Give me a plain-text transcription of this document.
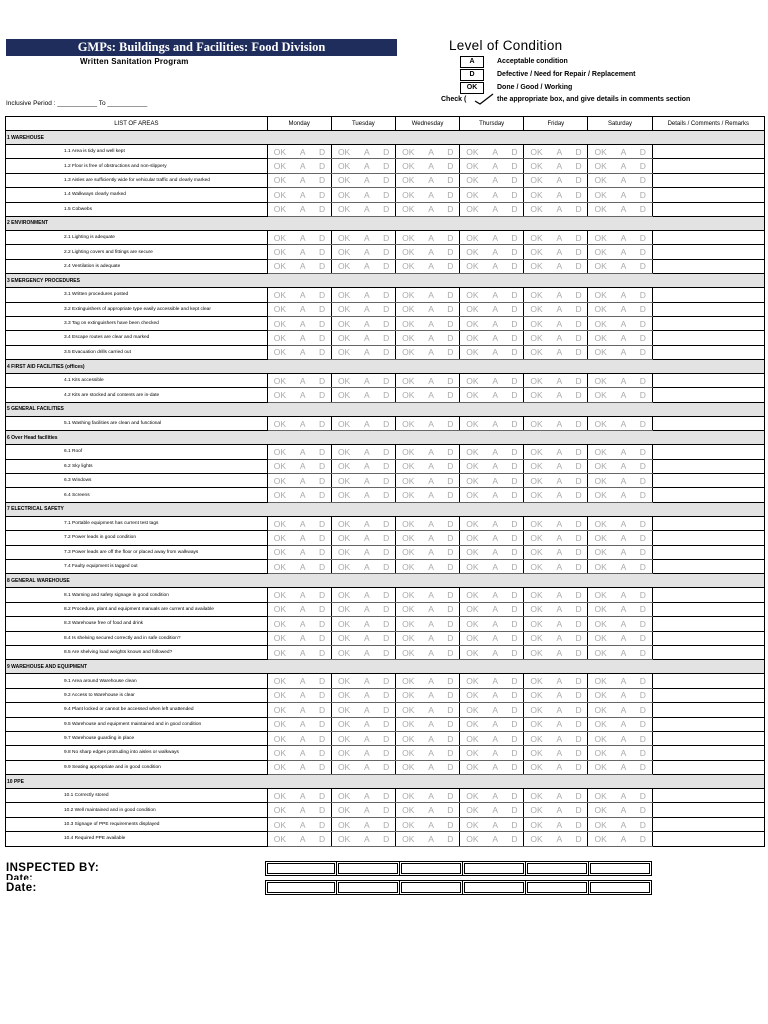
GMPs: Buildings and Facilities: Food Division
Written Sanitation Program
Inclusive Period : ___________ To ___________
Level of Condition
A	Acceptable condition
D	Defective / Need for Repair / Replacement
OK	Done / Good / Working
Check (	the appropriate box, and give details in comments section
LIST OF AREAS	Monday			Tuesday			Wednesday			Thursday			Friday			Saturday			Details / Comments / Remarks
1 WAREHOUSE																			
1.1 Area is tidy and well kept	OK	A	D	OK	A	D	OK	A	D	OK	A	D	OK	A	D	OK	A	D	
1.2 Floor is free of obstructions and non-slippery	OK	A	D	OK	A	D	OK	A	D	OK	A	D	OK	A	D	OK	A	D	
1.3 Aisles are sufficiently wide for vehicular traffic and clearly marked	OK	A	D	OK	A	D	OK	A	D	OK	A	D	OK	A	D	OK	A	D	
1.4 Walkways clearly marked	OK	A	D	OK	A	D	OK	A	D	OK	A	D	OK	A	D	OK	A	D	
1.5 Cobwebs	OK	A	D	OK	A	D	OK	A	D	OK	A	D	OK	A	D	OK	A	D	
2 ENVIRONMENT																			
2.1 Lighting is adequate	OK	A	D	OK	A	D	OK	A	D	OK	A	D	OK	A	D	OK	A	D	
2.2 Lighting covers and fittings are secure	OK	A	D	OK	A	D	OK	A	D	OK	A	D	OK	A	D	OK	A	D	
2.4 Ventilation is adequate	OK	A	D	OK	A	D	OK	A	D	OK	A	D	OK	A	D	OK	A	D	
3 EMERGENCY PROCEDURES																			
3.1 Written procedures posted	OK	A	D	OK	A	D	OK	A	D	OK	A	D	OK	A	D	OK	A	D	
3.2 Extinguishers of appropriate type easily accessible and kept clear	OK	A	D	OK	A	D	OK	A	D	OK	A	D	OK	A	D	OK	A	D	
3.3 Tag on extinguishers have been checked	OK	A	D	OK	A	D	OK	A	D	OK	A	D	OK	A	D	OK	A	D	
3.4 Escape routes are clear and marked	OK	A	D	OK	A	D	OK	A	D	OK	A	D	OK	A	D	OK	A	D	
3.5 Evacuation drills carried out	OK	A	D	OK	A	D	OK	A	D	OK	A	D	OK	A	D	OK	A	D	
4 FIRST AID FACILITIES (offices)																			
4.1 Kits accessible	OK	A	D	OK	A	D	OK	A	D	OK	A	D	OK	A	D	OK	A	D	
4.2 Kits are stocked and contents are in-date	OK	A	D	OK	A	D	OK	A	D	OK	A	D	OK	A	D	OK	A	D	
5 GENERAL FACILITIES																			
5.1 Washing facilities are clean and functional	OK	A	D	OK	A	D	OK	A	D	OK	A	D	OK	A	D	OK	A	D	
6 Over Head facilities																			
6.1 Roof	OK	A	D	OK	A	D	OK	A	D	OK	A	D	OK	A	D	OK	A	D	
6.2 Sky lights	OK	A	D	OK	A	D	OK	A	D	OK	A	D	OK	A	D	OK	A	D	
6.3 Windows	OK	A	D	OK	A	D	OK	A	D	OK	A	D	OK	A	D	OK	A	D	
6.4 Screens	OK	A	D	OK	A	D	OK	A	D	OK	A	D	OK	A	D	OK	A	D	
7 ELECTRICAL SAFETY																			
7.1 Portable equipment has current test tags	OK	A	D	OK	A	D	OK	A	D	OK	A	D	OK	A	D	OK	A	D	
7.2 Power leads in good condition	OK	A	D	OK	A	D	OK	A	D	OK	A	D	OK	A	D	OK	A	D	
7.3 Power leads are off the floor or placed away from walkways	OK	A	D	OK	A	D	OK	A	D	OK	A	D	OK	A	D	OK	A	D	
7.4 Faulty equipment is tagged out	OK	A	D	OK	A	D	OK	A	D	OK	A	D	OK	A	D	OK	A	D	
8 GENERAL WAREHOUSE																			
8.1 Warning and safety signage in good condition	OK	A	D	OK	A	D	OK	A	D	OK	A	D	OK	A	D	OK	A	D	
8.2 Procedure, plant and equipment manuals are current and available	OK	A	D	OK	A	D	OK	A	D	OK	A	D	OK	A	D	OK	A	D	
8.3 Warehouse free of food and drink	OK	A	D	OK	A	D	OK	A	D	OK	A	D	OK	A	D	OK	A	D	
8.4 Is shelving secured correctly and in safe condition?	OK	A	D	OK	A	D	OK	A	D	OK	A	D	OK	A	D	OK	A	D	
8.5 Are shelving load weights known and followed?	OK	A	D	OK	A	D	OK	A	D	OK	A	D	OK	A	D	OK	A	D	
9 WAREHOUSE AND EQUIPMENT																			
9.1 Area around Warehouse clean	OK	A	D	OK	A	D	OK	A	D	OK	A	D	OK	A	D	OK	A	D	
9.2 Access to Warehouse is clear	OK	A	D	OK	A	D	OK	A	D	OK	A	D	OK	A	D	OK	A	D	
9.4 Plant locked or cannot be accessed when left unattended	OK	A	D	OK	A	D	OK	A	D	OK	A	D	OK	A	D	OK	A	D	
9.5 Warehouse and equipment maintained and in good condition	OK	A	D	OK	A	D	OK	A	D	OK	A	D	OK	A	D	OK	A	D	
9.7 Warehouse guarding in place	OK	A	D	OK	A	D	OK	A	D	OK	A	D	OK	A	D	OK	A	D	
9.8 No sharp edges protruding into aisles or walkways	OK	A	D	OK	A	D	OK	A	D	OK	A	D	OK	A	D	OK	A	D	
9.9 Seating appropriate and in good condition	OK	A	D	OK	A	D	OK	A	D	OK	A	D	OK	A	D	OK	A	D	
10 PPE																			
10.1 Correctly stored	OK	A	D	OK	A	D	OK	A	D	OK	A	D	OK	A	D	OK	A	D	
10.2 Well maintained and in good condition	OK	A	D	OK	A	D	OK	A	D	OK	A	D	OK	A	D	OK	A	D	
10.3 Signage of PPE requirements displayed	OK	A	D	OK	A	D	OK	A	D	OK	A	D	OK	A	D	OK	A	D	
10.4 Required PPE available	OK	A	D	OK	A	D	OK	A	D	OK	A	D	OK	A	D	OK	A	D	
INSPECTED BY:
Date:
Date:
